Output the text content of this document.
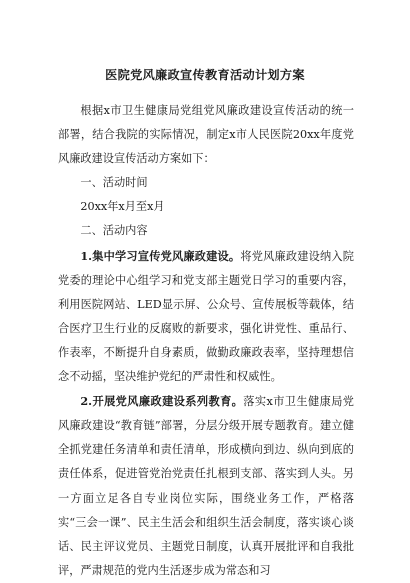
医院党风廉政宣传教育活动计划方案

根据x市卫生健康局党组党风廉政建设宣传活动的统一部署，结合我院的实际情况，制定x市人民医院20xx年度党风廉政建设宣传活动方案如下：

一、活动时间

20xx年x月至x月

二、活动内容

1.集中学习宣传党风廉政建设。将党风廉政建设纳入院党委的理论中心组学习和党支部主题党日学习的重要内容，利用医院网站、LED显示屏、公众号、宣传展板等载体，结合医疗卫生行业的反腐败的新要求，强化讲党性、重品行、作表率，不断提升自身素质，做勤政廉政表率，坚持理想信念不动摇，坚决维护党纪的严肃性和权威性。

2.开展党风廉政建设系列教育。落实x市卫生健康局党风廉政建设“教育链”部署，分层分级开展专题教育。建立健全抓党建任务清单和责任清单，形成横向到边、纵向到底的责任体系，促进管党治党责任扎根到支部、落实到人头。另一方面立足各自专业岗位实际，围绕业务工作，严格落实“三会一课”、民主生活会和组织生活会制度，落实谈心谈话、民主评议党员、主题党日制度，认真开展批评和自我批评，严肃规范的党内生活逐步成为常态和习
